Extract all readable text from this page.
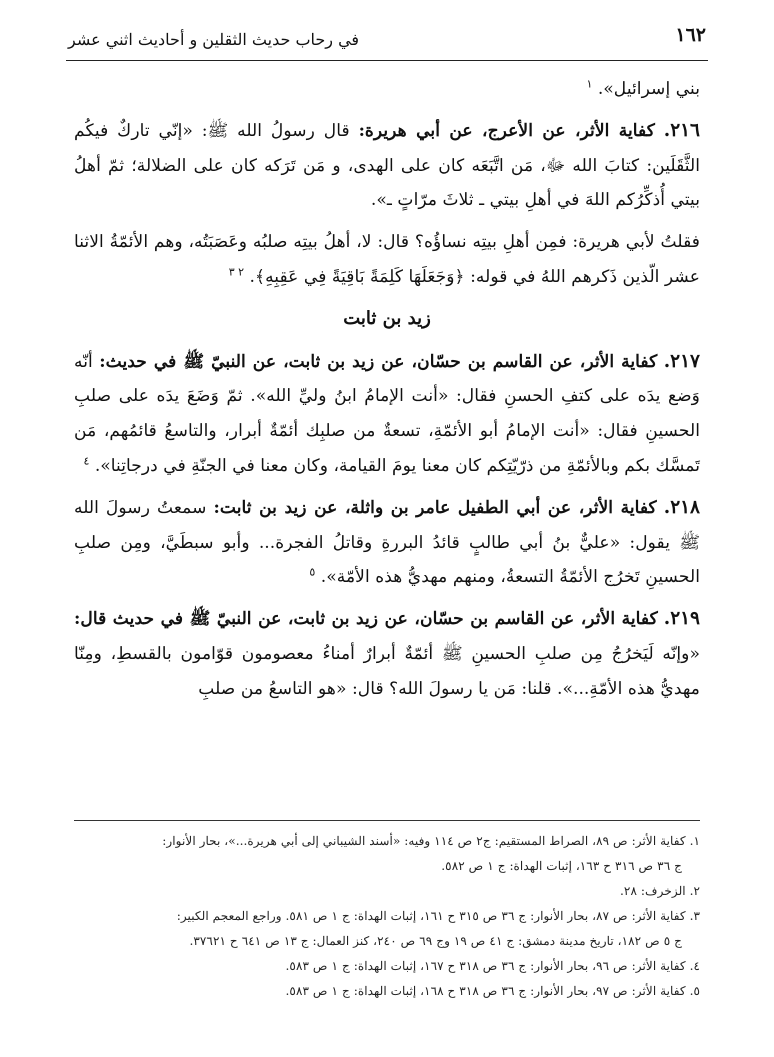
١٦٢
في رحاب حديث الثقلين و أحاديث اثني عشر

بني إسرائيل». $^١$

٢١٦. كفاية الأثر، عن الأعرج، عن أبي هريرة: قال رسولُ الله ﷺ: «إنّي تاركٌ فيكُم الثَّقَلَين: كتابَ الله ﷻ، مَن اتَّبَعَه كان على الهدى، و مَن تَرَكه كان على الضلالة؛ ثمّ أهلُ بيتي أُذكِّرُكم اللهَ في أهلِ بيتي ـ ثلاثَ مرّاتٍ ـ».

فقلتُ لأبي هريرة: فمِن أهلِ بيتِه نساؤُه؟ قال: لا، أهلُ بيتِه صلبُه وعَصَبَتُه، وهم الأئمّةُ الاثنا عشر الّذين ذَكرهم اللهُ في قوله: ﴿وَجَعَلَهَا كَلِمَةً بَاقِيَةً فِي عَقِبِهِ﴾. $^{٢ ٣}$

زيد بن ثابت

٢١٧. كفاية الأثر، عن القاسم بن حسّان، عن زيد بن ثابت، عن النبيّ ﷺ في حديث: أنّه وَضع يدَه على كتفِ الحسنِ فقال: «أنت الإمامُ ابنُ وليِّ الله». ثمّ وَضَعَ يدَه على صلبِ الحسينِ فقال: «أنت الإمامُ أبو الأئمّةِ، تسعةٌ من صلبِك أئمّةٌ أبرار، والتاسعُ قائمُهم، مَن تَمسَّك بكم وبالأئمّةِ من ذرّيّتِكم كان معنا يومَ القيامة، وكان معنا في الجنّةِ في درجاتِنا». $^٤$

٢١٨. كفاية الأثر، عن أبي الطفيل عامر بن واثلة، عن زيد بن ثابت: سمعتُ رسولَ الله ﷺ يقول: «عليٌّ بنُ أبي طالبٍ قائدُ البررةِ وقاتلُ الفجرة... وأبو سبطَيَّ، ومِن صلبِ الحسينِ تَخرُج الأئمّةُ التسعةُ، ومنهم مهديُّ هذه الأمّة». $^٥$

٢١٩. كفاية الأثر، عن القاسم بن حسّان، عن زيد بن ثابت، عن النبيّ ﷺ في حديث قال: «وإنّه لَيَخرُجُ مِن صلبِ الحسينِ ﷺ أئمّةٌ أبرارٌ أمناءُ معصومون قوّامون بالقسطِ، ومِنّا مهديُّ هذه الأمّةِ...». قلنا: مَن يا رسولَ الله؟ قال: «هو التاسعُ من صلبِ

١. كفاية الأثر: ص ٨٩، الصراط المستقيم: ج٢ ص ١١٤ وفيه: «أسند الشيباني إلى أبي هريرة...»، بحار الأنوار:

ج ٣٦ ص ٣١٦ ح ١٦٣، إثبات الهداة: ج ١ ص ٥٨٢.

٢. الزخرف: ٢٨.

٣. كفاية الأثر: ص ٨٧، بحار الأنوار: ج ٣٦ ص ٣١٥ ح ١٦١، إثبات الهداة: ج ١ ص ٥٨١. وراجع المعجم الكبير:

ج ٥ ص ١٨٢، تاريخ مدينة دمشق: ج ٤١ ص ١٩ وج ٦٩ ص ٢٤٠، كنز العمال: ج ١٣ ص ٦٤١ ح ٣٧٦٢١.

٤. كفاية الأثر: ص ٩٦، بحار الأنوار: ج ٣٦ ص ٣١٨ ح ١٦٧، إثبات الهداة: ج ١ ص ٥٨٣.

٥. كفاية الأثر: ص ٩٧، بحار الأنوار: ج ٣٦ ص ٣١٨ ح ١٦٨، إثبات الهداة: ج ١ ص ٥٨٣.
